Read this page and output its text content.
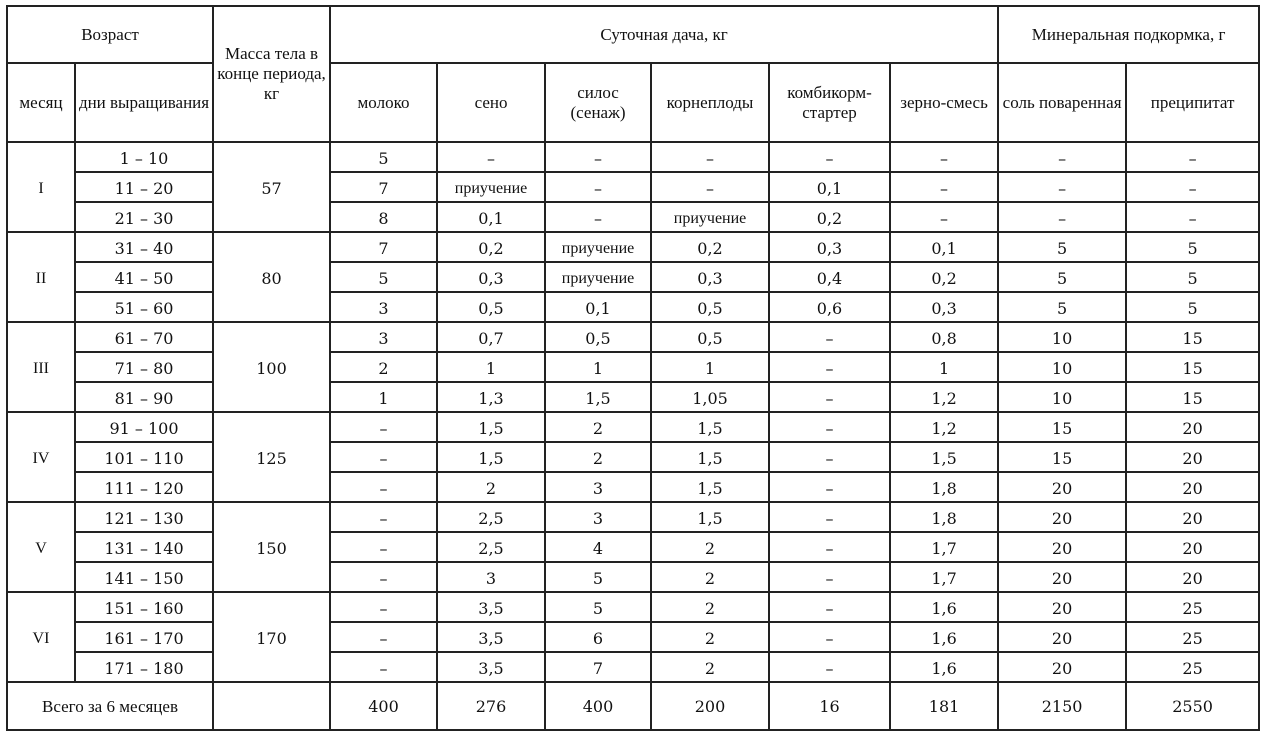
Возраст		Масса тела в конце периода, кг	Суточная дача, кг						Минеральная подкормка, г	
месяц	дни выращивания		молоко	сено	силос (сенаж)	корнеплоды	комбикорм-стартер	зерно-смесь	соль поваренная	преципитат
I	1 – 10	57	5	–	–	–	–	–	–	–
	11 – 20		7	приучение	–	–	0,1	–	–	–
	21 – 30		8	0,1	–	приучение	0,2	–	–	–
II	31 – 40	80	7	0,2	приучение	0,2	0,3	0,1	5	5
	41 – 50		5	0,3	приучение	0,3	0,4	0,2	5	5
	51 – 60		3	0,5	0,1	0,5	0,6	0,3	5	5
III	61 – 70	100	3	0,7	0,5	0,5	–	0,8	10	15
	71 – 80		2	1	1	1	–	1	10	15
	81 – 90		1	1,3	1,5	1,05	–	1,2	10	15
IV	91 – 100	125	–	1,5	2	1,5	–	1,2	15	20
	101 – 110		–	1,5	2	1,5	–	1,5	15	20
	111 – 120		–	2	3	1,5	–	1,8	20	20
V	121 – 130	150	–	2,5	3	1,5	–	1,8	20	20
	131 – 140		–	2,5	4	2	–	1,7	20	20
	141 – 150		–	3	5	2	–	1,7	20	20
VI	151 – 160	170	–	3,5	5	2	–	1,6	20	25
	161 – 170		–	3,5	6	2	–	1,6	20	25
	171 – 180		–	3,5	7	2	–	1,6	20	25
Всего за 6 месяцев			400	276	400	200	16	181	2150	2550
